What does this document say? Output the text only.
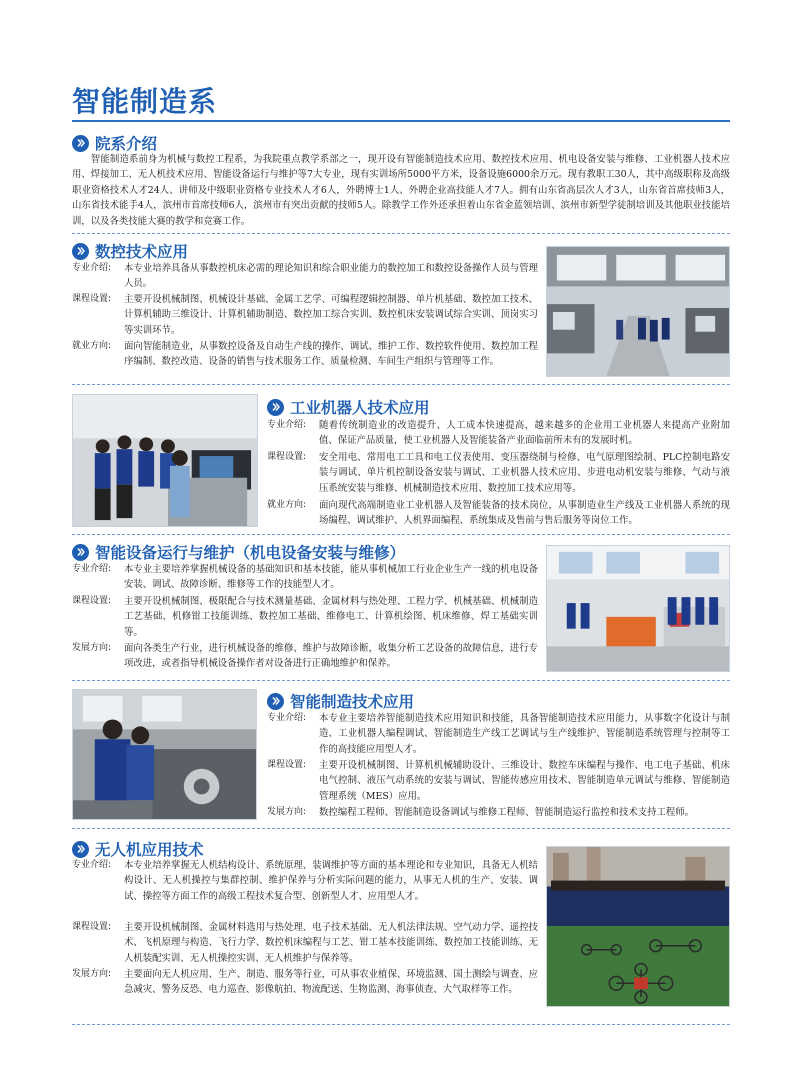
智能制造系
院系介绍
智能制造系前身为机械与数控工程系，为我院重点教学系部之一，现开设有智能制造技术应用、数控技术应用、机电设备安装与维修、工业机器人技术应用、焊接加工、无人机技术应用、智能设备运行与维护等7大专业，现有实训场所5000平方米，设备设施6000余万元。现有教职工30人，其中高级职称及高级职业资格技术人才24人、讲师及中级职业资格专业技术人才6人，外聘博士1人、外聘企业高技能人才7人。拥有山东省高层次人才3人，山东省首席技师3人，山东省技术能手4人，滨州市首席技师6人，滨州市有突出贡献的技师5人。除教学工作外还承担着山东省金蓝领培训、滨州市新型学徒制培训及其他职业技能培训，以及各类技能大赛的教学和竞赛工作。
数控技术应用
专业介绍:	本专业培养具备从事数控机床必需的理论知识和综合职业能力的数控加工和数控设备操作人员与管理人员。
课程设置:	主要开设机械制图、机械设计基础、金属工艺学、可编程逻辑控制器、单片机基础、数控加工技术、计算机辅助三维设计、计算机辅助制造、数控加工综合实训、数控机床安装调试综合实训、顶岗实习等实训环节。
就业方向:	面向智能制造业，从事数控设备及自动生产线的操作、调试、维护工作、数控软件使用、数控加工程序编制、数控改造、设备的销售与技术服务工作、质量检测、车间生产组织与管理等工作。
工业机器人技术应用
专业介绍:	随着传统制造业的改造提升、人工成本快速提高，越来越多的企业用工业机器人来提高产业附加值、保证产品质量，使工业机器人及智能装备产业面临前所未有的发展时机。
课程设置:	安全用电、常用电工工具和电工仪表使用、变压器绕制与检修、电气原理图绘制、PLC控制电路安装与调试、单片机控制设备安装与调试、工业机器人技术应用、步进电动机安装与维修、气动与液压系统安装与维修、机械制造技术应用、数控加工技术应用等。
就业方向:	面向现代高端制造业工业机器人及智能装备的技术岗位，从事制造业生产线及工业机器人系统的现场编程、调试维护、人机界面编程、系统集成及售前与售后服务等岗位工作。
智能设备运行与维护（机电设备安装与维修）
专业介绍:	本专业主要培养掌握机械设备的基础知识和基本技能，能从事机械加工行业企业生产一线的机电设备安装、调试、故障诊断、维修等工作的技能型人才。
课程设置:	主要开设机械制图、极限配合与技术测量基础、金属材料与热处理、工程力学、机械基础、机械制造工艺基础、机修钳工技能训练、数控加工基础、维修电工、计算机绘图、机床维修、焊工基础实训等。
发展方向:	面向各类生产行业，进行机械设备的维修、维护与故障诊断，收集分析工艺设备的故障信息，进行专项改进，或者指导机械设备操作者对设备进行正确地维护和保养。
智能制造技术应用
专业介绍:	本专业主要培养智能制造技术应用知识和技能，具备智能制造技术应用能力，从事数字化设计与制造、工业机器人编程调试、智能制造生产线工艺调试与生产线维护、智能制造系统管理与控制等工作的高技能应用型人才。
课程设置:	主要开设机械制图、计算机机械辅助设计、三维设计、数控车床编程与操作、电工电子基础、机床电气控制、液压气动系统的安装与调试、智能传感应用技术、智能制造单元调试与维修、智能制造管理系统（MES）应用。
发展方向:	数控编程工程师、智能制造设备调试与维修工程师、智能制造运行监控和技术支持工程师。
无人机应用技术
专业介绍:	本专业培养掌握无人机结构设计、系统原理、装调维护等方面的基本理论和专业知识，具备无人机结构设计、无人机操控与集群控制、维护保养与分析实际问题的能力，从事无人机的生产、安装、调试、操控等方面工作的高级工程技术复合型、创新型人才、应用型人才。
课程设置:	主要开设机械制图、金属材料选用与热处理、电子技术基础、无人机法律法规、空气动力学、遥控技术、飞机原理与构造、飞行力学、数控机床编程与工艺、钳工基本技能训练、数控加工技能训练、无人机装配实训、无人机操控实训、无人机维护与保养等。
发展方向:	主要面向无人机应用、生产、制造、服务等行业，可从事农业植保、环境监测、国土测绘与调查、应急减灾、警务反恐、电力巡查、影像航拍、物流配送、生物监测、海事侦查、大气取样等工作。
